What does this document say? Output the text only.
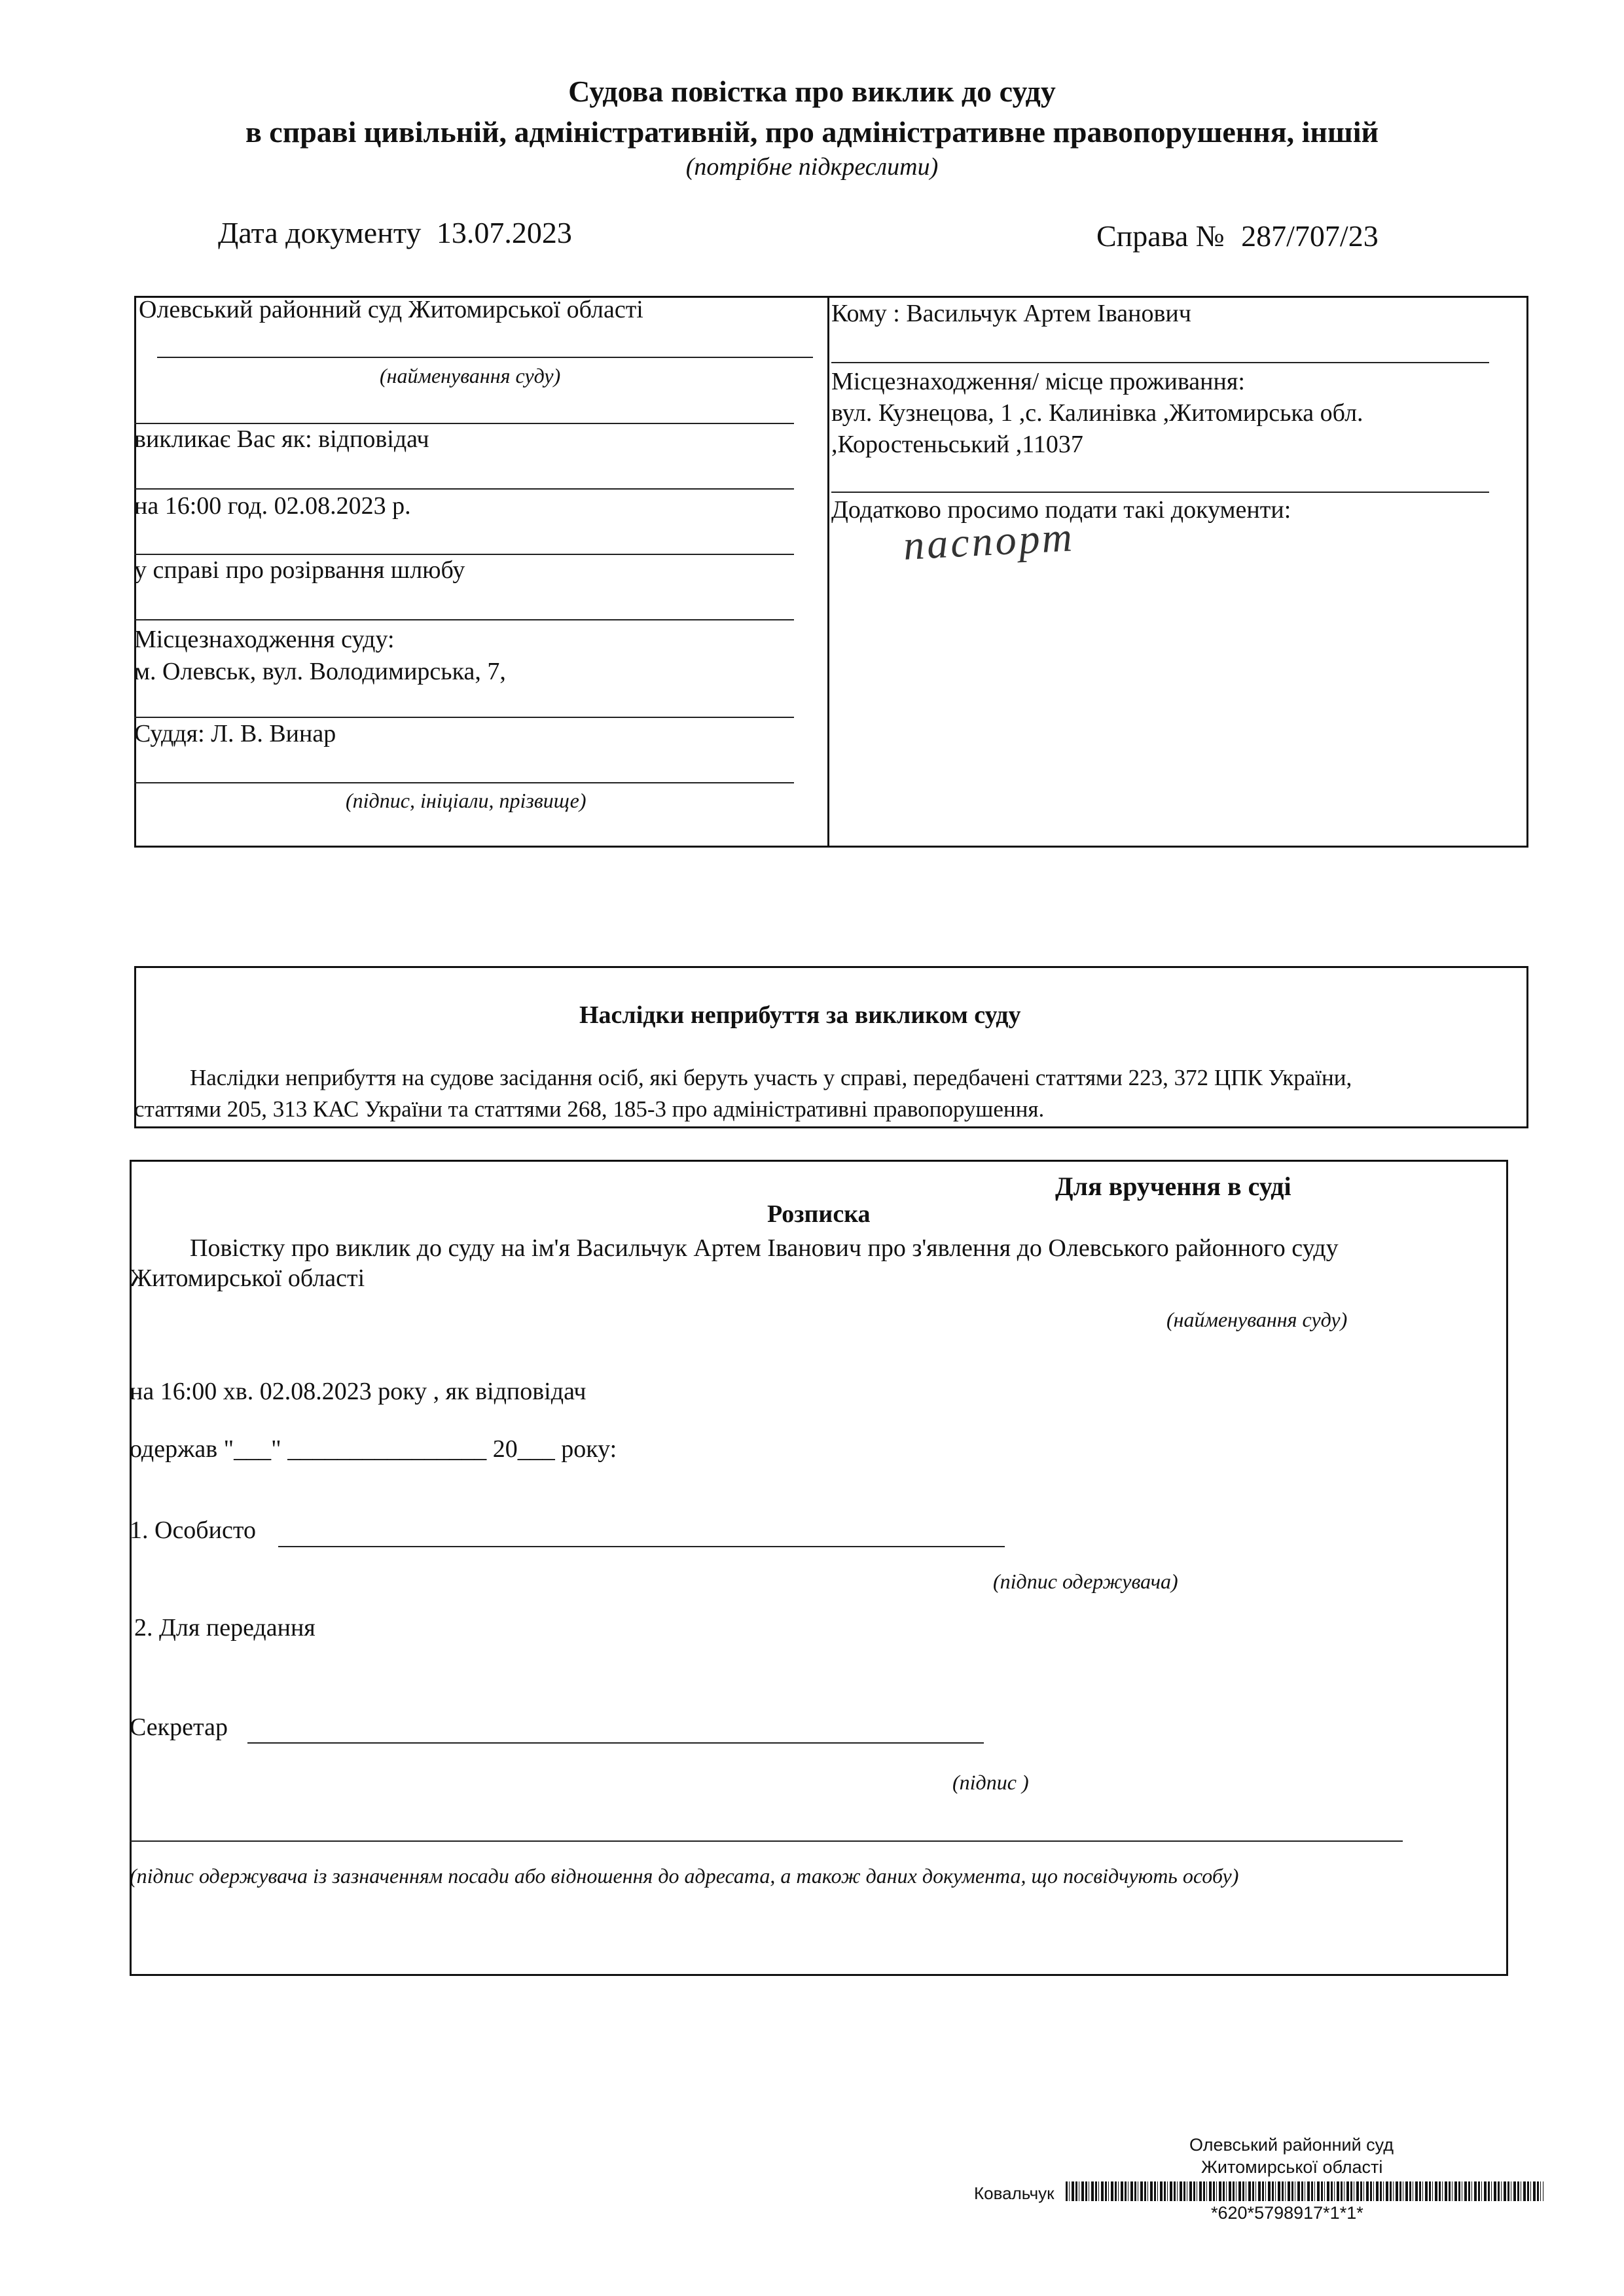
Судова повістка про виклик до суду
в справі цивільній, адміністративній, про адміністративне правопорушення, іншій
(потрібне підкреслити)
Дата документу 13.07.2023	Справа № 287/707/23
Олевський районний суд Житомирської області
(найменування суду)
викликає Вас як: відповідач
на 16:00 год. 02.08.2023 р.
у справі про розірвання шлюбу
Місцезнаходження суду:
м. Олевськ, вул. Володимирська, 7,
Суддя: Л. В. Винар
(підпис, ініціали, прізвище)
Кому : Васильчук Артем Іванович
Місцезнаходження/ місце проживання:
вул. Кузнецова, 1 ,с. Калинівка ,Житомирська обл.
,Коростеньський ,11037
Додатково просимо подати такі документи:
паспорт
Наслідки неприбуття за викликом суду
Наслідки неприбуття на судове засідання осіб, які беруть участь у справі, передбачені статтями 223, 372 ЦПК України,
статтями 205, 313 КАС України та статтями 268, 185-3 про адміністративні правопорушення.
Для вручення в суді
Розписка
Повістку про виклик до суду на ім'я Васильчук Артем Іванович про з'явлення до Олевського районного суду
Житомирської області
(найменування суду)
на 16:00 хв. 02.08.2023 року , як відповідач
одержав "___" ________________ 20___ року:
1. Особисто
(підпис одержувача)
2. Для передання
Секретар
(підпис )
(підпис одержувача із зазначенням посади або відношення до адресата, а також даних документа, що посвідчують особу)
Олевський районний суд
Житомирської області
Ковальчук
*620*5798917*1*1*
